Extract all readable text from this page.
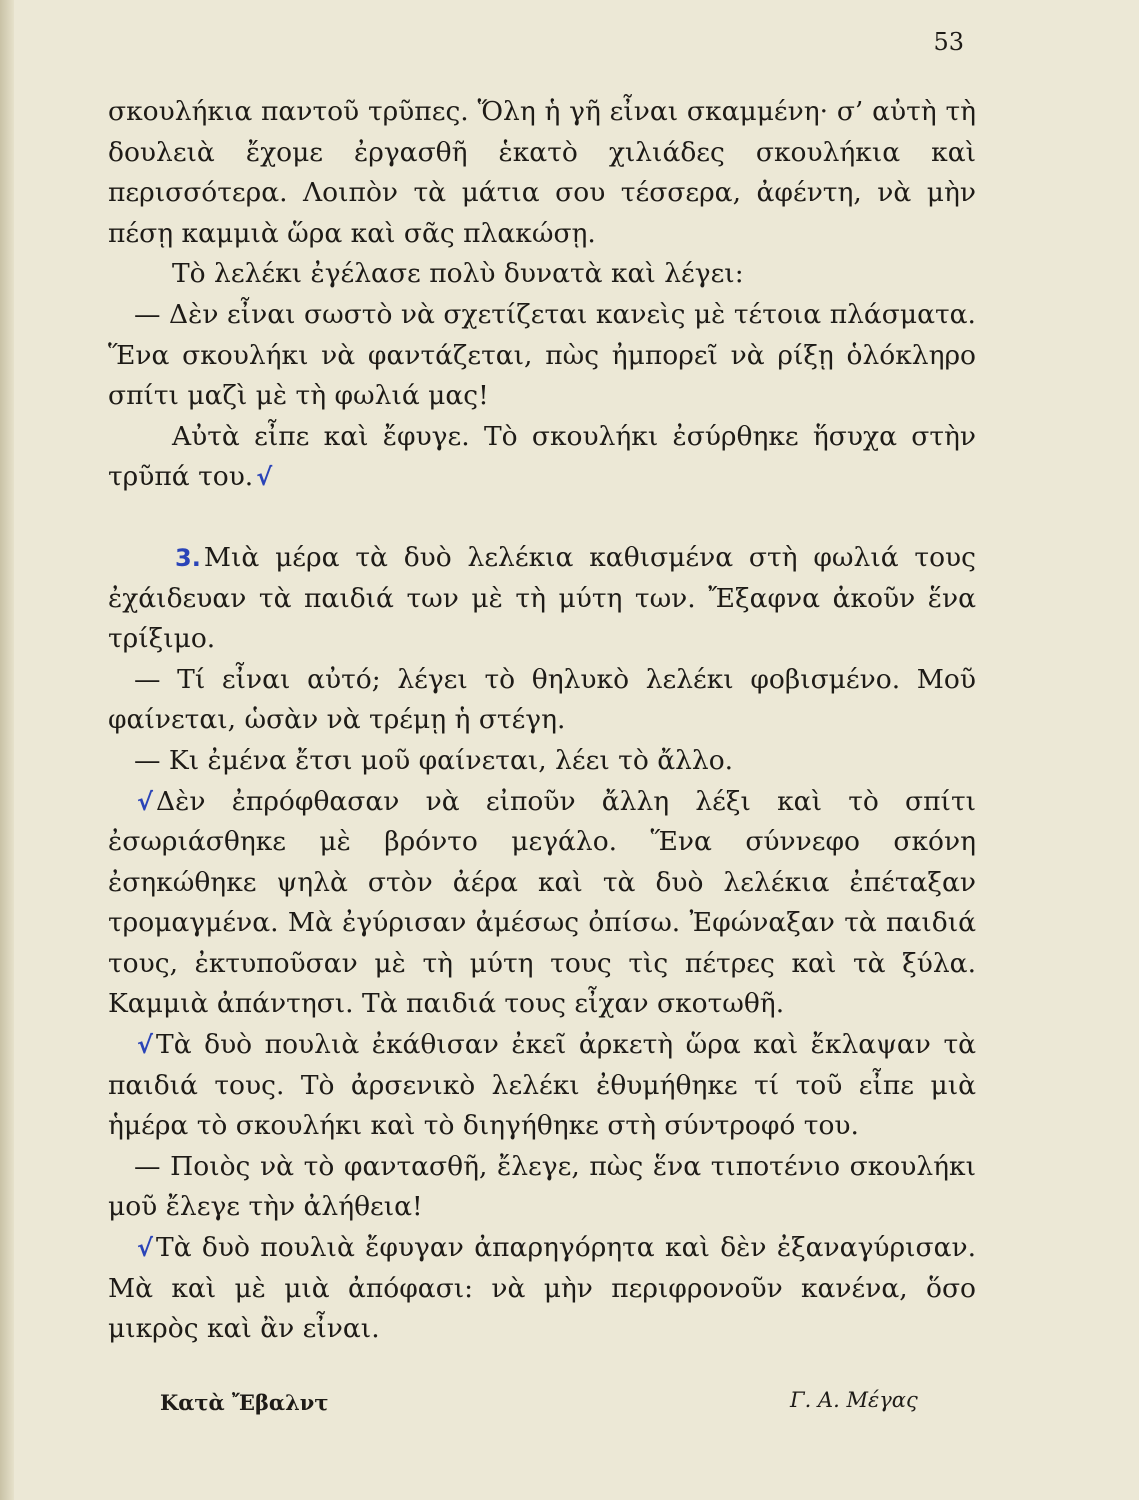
53

σκουλήκια παντοῦ τρῦπες. Ὅλη ἡ γῆ εἶναι σκαμμένη· σ’ αὐτὴ τὴ δουλειὰ ἔχομε ἐργασθῆ ἑκατὸ χιλιάδες σκουλήκια καὶ περισσότερα. Λοιπὸν τὰ μάτια σου τέσσερα, ἀφέντη, νὰ μὴν πέσῃ καμμιὰ ὥρα καὶ σᾶς πλακώσῃ.

Τὸ λελέκι ἐγέλασε πολὺ δυνατὰ καὶ λέγει:

— Δὲν εἶναι σωστὸ νὰ σχετίζεται κανεὶς μὲ τέτοια πλάσματα. Ἕνα σκουλήκι νὰ φαντάζεται, πὼς ἠμπορεῖ νὰ ρίξῃ ὁλόκληρο σπίτι μαζὶ μὲ τὴ φωλιά μας!

Αὐτὰ εἶπε καὶ ἔφυγε. Τὸ σκουλήκι ἐσύρθηκε ἥσυχα στὴν τρῦπά του. √

3. Μιὰ μέρα τὰ δυὸ λελέκια καθισμένα στὴ φωλιά τους ἐχάιδευαν τὰ παιδιά των μὲ τὴ μύτη των. Ἔξαφνα ἀκοῦν ἕνα τρίξιμο.

— Τί εἶναι αὐτό; λέγει τὸ θηλυκὸ λελέκι φοβισμένο. Μοῦ φαίνεται, ὡσὰν νὰ τρέμῃ ἡ στέγη.

— Κι ἐμένα ἔτσι μοῦ φαίνεται, λέει τὸ ἄλλο.

√ Δὲν ἐπρόφθασαν νὰ εἰποῦν ἄλλη λέξι καὶ τὸ σπίτι ἐσωριάσθηκε μὲ βρόντο μεγάλο. Ἕνα σύννεφο σκόνη ἐσηκώθηκε ψηλὰ στὸν ἀέρα καὶ τὰ δυὸ λελέκια ἐπέταξαν τρομαγμένα. Μὰ ἐγύρισαν ἀμέσως ὀπίσω. Ἐφώναξαν τὰ παιδιά τους, ἐκτυποῦσαν μὲ τὴ μύτη τους τὶς πέτρες καὶ τὰ ξύλα. Καμμιὰ ἀπάντησι. Τὰ παιδιά τους εἶχαν σκοτωθῆ.

√ Τὰ δυὸ πουλιὰ ἐκάθισαν ἐκεῖ ἀρκετὴ ὥρα καὶ ἔκλαψαν τὰ παιδιά τους. Τὸ ἀρσενικὸ λελέκι ἐθυμήθηκε τί τοῦ εἶπε μιὰ ἡμέρα τὸ σκουλήκι καὶ τὸ διηγήθηκε στὴ σύντροφό του.

— Ποιὸς νὰ τὸ φαντασθῆ, ἔλεγε, πὼς ἕνα τιποτένιο σκουλήκι μοῦ ἔλεγε τὴν ἀλήθεια!

√ Τὰ δυὸ πουλιὰ ἔφυγαν ἀπαρηγόρητα καὶ δὲν ἐξαναγύρισαν. Μὰ καὶ μὲ μιὰ ἀπόφασι: νὰ μὴν περιφρονοῦν κανένα, ὅσο μικρὸς καὶ ἂν εἶναι.

Κατὰ Ἔβαλντ	Γ. Α. Μέγας
